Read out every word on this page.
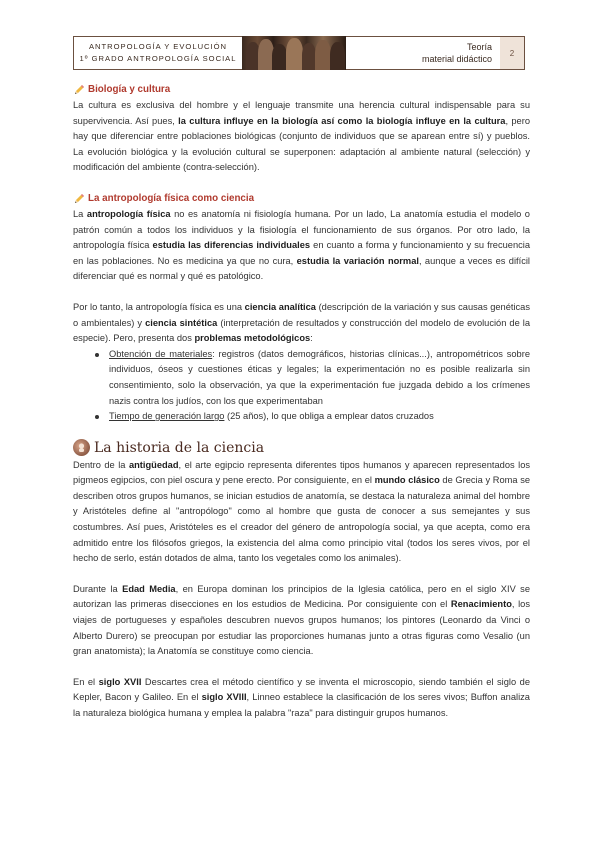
ANTROPOLOGÍA Y EVOLUCIÓN
1º GRADO ANTROPOLOGÍA SOCIAL
Teoría
material didáctico
2
Biología y cultura

La cultura es exclusiva del hombre y el lenguaje transmite una herencia cultural indispensable para su supervivencia. Así pues, la cultura influye en la biología así como la biología influye en la cultura, pero hay que diferenciar entre poblaciones biológicas (conjunto de individuos que se aparean entre sí) y pueblos. La evolución biológica y la evolución cultural se superponen: adaptación al ambiente natural (selección) y modificación del ambiente (contra-selección).

La antropología física como ciencia

La antropología física no es anatomía ni fisiología humana. Por un lado, La anatomía estudia el modelo o patrón común a todos los individuos y la fisiología el funcionamiento de sus órganos. Por otro lado, la antropología física estudia las diferencias individuales en cuanto a forma y funcionamiento y su frecuencia en las poblaciones. No es medicina ya que no cura, estudia la variación normal, aunque a veces es difícil diferenciar qué es normal y qué es patológico.

Por lo tanto, la antropología física es una ciencia analítica (descripción de la variación y sus causas genéticas o ambientales) y ciencia sintética (interpretación de resultados y construcción del modelo de evolución de la especie). Pero, presenta dos problemas metodológicos:

Obtención de materiales: registros (datos demográficos, historias clínicas...), antropométricos sobre individuos, óseos y cuestiones éticas y legales; la experimentación no es posible realizarla sin consentimiento, solo la observación, ya que la experimentación fue juzgada debido a los crímenes nazis contra los judíos, con los que experimentaban
Tiempo de generación largo (25 años), lo que obliga a emplear datos cruzados
La historia de la ciencia

Dentro de la antigüedad, el arte egipcio representa diferentes tipos humanos y aparecen representados los pigmeos egipcios, con piel oscura y pene erecto. Por consiguiente, en el mundo clásico de Grecia y Roma se describen otros grupos humanos, se inician estudios de anatomía, se destaca la naturaleza animal del hombre y Aristóteles define al "antropólogo" como al hombre que gusta de conocer a sus semejantes y sus costumbres. Así pues, Aristóteles es el creador del género de antropología social, ya que acepta, como era admitido entre los filósofos griegos, la existencia del alma como principio vital (todos los seres vivos, por el hecho de serlo, están dotados de alma, tanto los vegetales como los animales).

Durante la Edad Media, en Europa dominan los principios de la Iglesia católica, pero en el siglo XIV se autorizan las primeras disecciones en los estudios de Medicina. Por consiguiente con el Renacimiento, los viajes de portugueses y españoles descubren nuevos grupos humanos; los pintores (Leonardo da Vinci o Alberto Durero) se preocupan por estudiar las proporciones humanas junto a otras figuras como Vesalio (un gran anatomista); la Anatomía se constituye como ciencia.

En el siglo XVII Descartes crea el método científico y se inventa el microscopio, siendo también el siglo de Kepler, Bacon y Galileo. En el siglo XVIII, Linneo establece la clasificación de los seres vivos; Buffon analiza la naturaleza biológica humana y emplea la palabra "raza" para distinguir grupos humanos.
